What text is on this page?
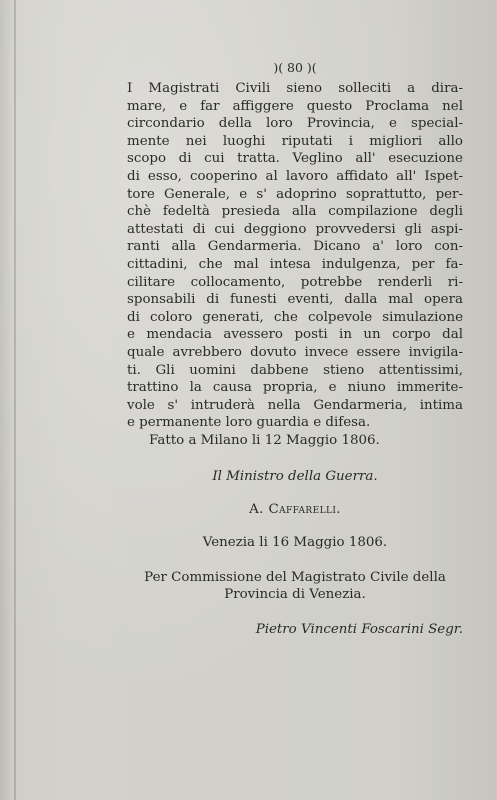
)( 80 )(
I Magistrati Civili sieno solleciti a dira-
mare, e far affiggere questo Proclama nel
circondario della loro Provincia, e special-
mente nei luoghi riputati i migliori allo
scopo di cui tratta. Veglino all' esecuzione
di esso, cooperino al lavoro affidato all' Ispet-
tore Generale, e s' adoprino soprattutto, per-
chè fedeltà presieda alla compilazione degli
attestati di cui deggiono provvedersi gli aspi-
ranti alla Gendarmeria. Dicano a' loro con-
cittadini, che mal intesa indulgenza, per fa-
cilitare collocamento, potrebbe renderli ri-
sponsabili di funesti eventi, dalla mal opera
di coloro generati, che colpevole simulazione
e mendacia avessero posti in un corpo dal
quale avrebbero dovuto invece essere invigila-
ti. Gli uomini dabbene stieno attentissimi,
trattino la causa propria, e niuno immerite-
vole s' intruderà nella Gendarmeria, intima
e permanente loro guardia e difesa.
Fatto a Milano li 12 Maggio 1806.
Il Ministro della Guerra.
A. Caffarelli.
Venezia li 16 Maggio 1806.
Per Commissione del Magistrato Civile della
Provincia di Venezia.
Pietro Vincenti Foscarini Segr.
